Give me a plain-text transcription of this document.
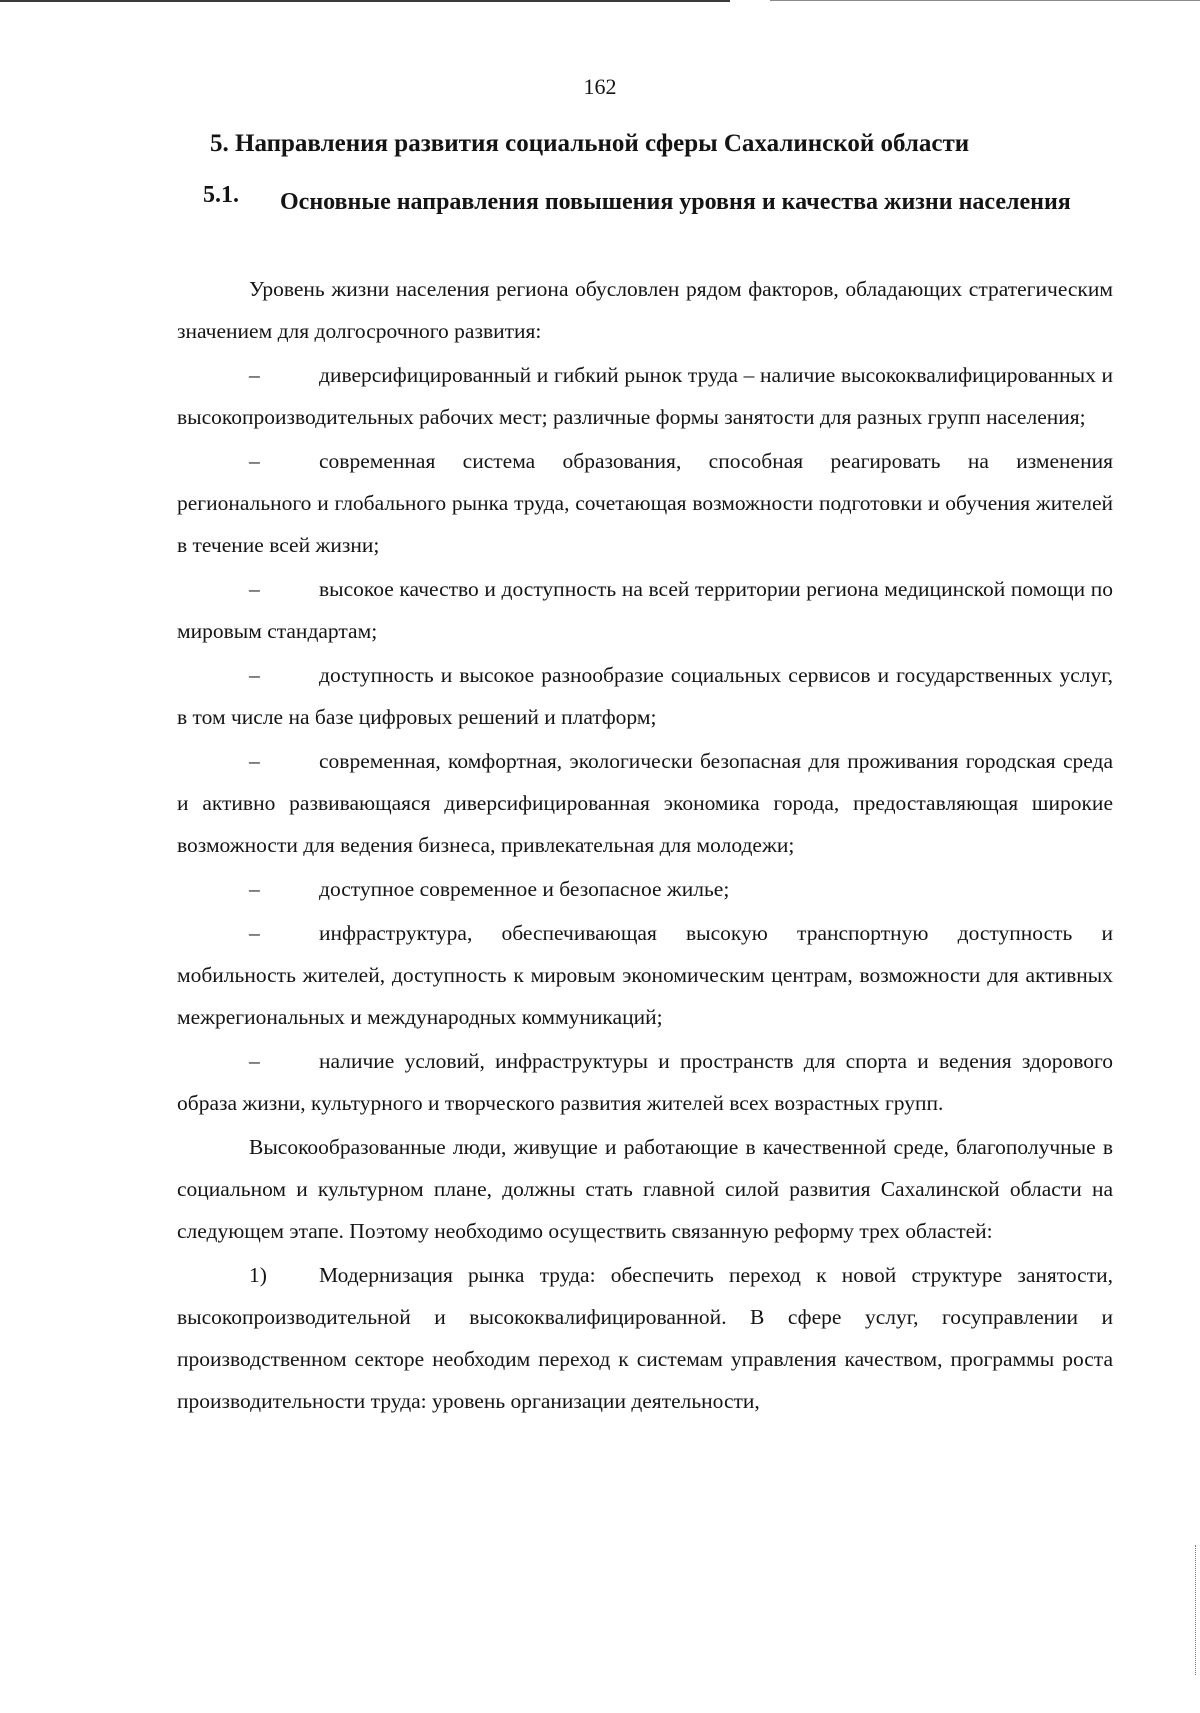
162
5. Направления развития социальной сферы Сахалинской области
5.1. Основные направления повышения уровня и качества жизни населения

Уровень жизни населения региона обусловлен рядом факторов, обладающих стратегическим значением для долгосрочного развития:

–	диверсифицированный и гибкий рынок труда – наличие высококвалифицированных и высокопроизводительных рабочих мест; различные формы занятости для разных групп населения;

–	современная система образования, способная реагировать на изменения регионального и глобального рынка труда, сочетающая возможности подготовки и обучения жителей в течение всей жизни;

–	высокое качество и доступность на всей территории региона медицинской помощи по мировым стандартам;

–	доступность и высокое разнообразие социальных сервисов и государственных услуг, в том числе на базе цифровых решений и платформ;

–	современная, комфортная, экологически безопасная для проживания городская среда и активно развивающаяся диверсифицированная экономика города, предоставляющая широкие возможности для ведения бизнеса, привлекательная для молодежи;

–	доступное современное и безопасное жилье;

–	инфраструктура, обеспечивающая высокую транспортную доступность и мобильность жителей, доступность к мировым экономическим центрам, возможности для активных межрегиональных и международных коммуникаций;

–	наличие условий, инфраструктуры и пространств для спорта и ведения здорового образа жизни, культурного и творческого развития жителей всех возрастных групп.

Высокообразованные люди, живущие и работающие в качественной среде, благополучные в социальном и культурном плане, должны стать главной силой развития Сахалинской области на следующем этапе. Поэтому необходимо осуществить связанную реформу трех областей:

1) Модернизация рынка труда: обеспечить переход к новой структуре занятости, высокопроизводительной и высококвалифицированной. В сфере услуг, госуправлении и производственном секторе необходим переход к системам управления качеством, программы роста производительности труда: уровень организации деятельности,
